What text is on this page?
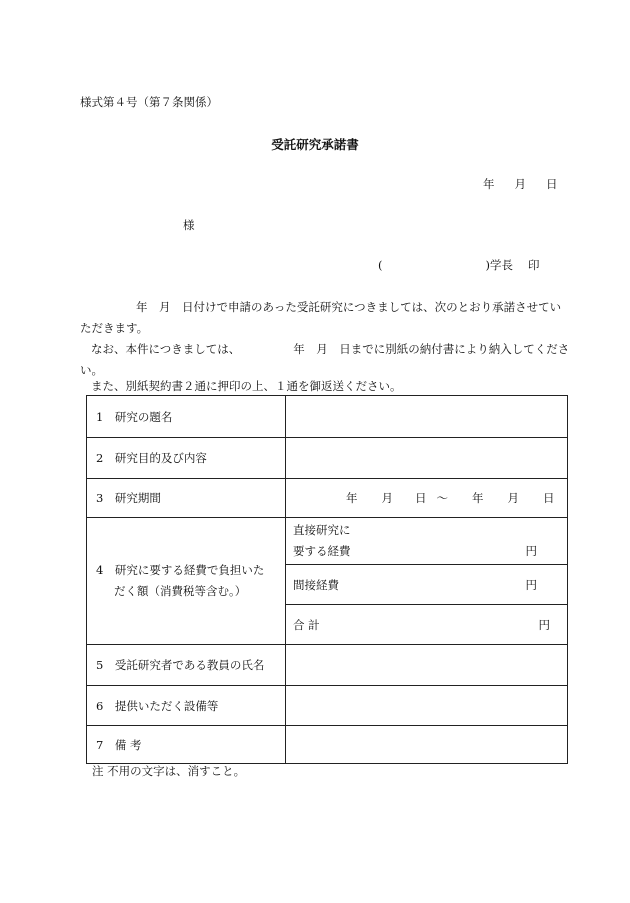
様式第４号（第７条関係）
受託研究承諾書
年 月 日
様
(	)学長 印
年　月　日付けで申請のあった受託研究につきましては、次のとおり承諾させてい
ただきます。
なお、本件につきましては、	年　月　日までに別紙の納付書により納入してくださ
い。
また、別紙契約書２通に押印の上、１通を御返送ください。
1　研究の題名	
2　研究目的及び内容	
3　研究期間	年 月 日 ～ 年 月 日

4　研究に要する経費で負担いた
だく額（消費税等含む。）	直接研究に
要する経費 円

	間接経費 円

	合 計 円

5　受託研究者である教員の氏名	
6　提供いただく設備等	
7　備 考	
注 不用の文字は、消すこと。
